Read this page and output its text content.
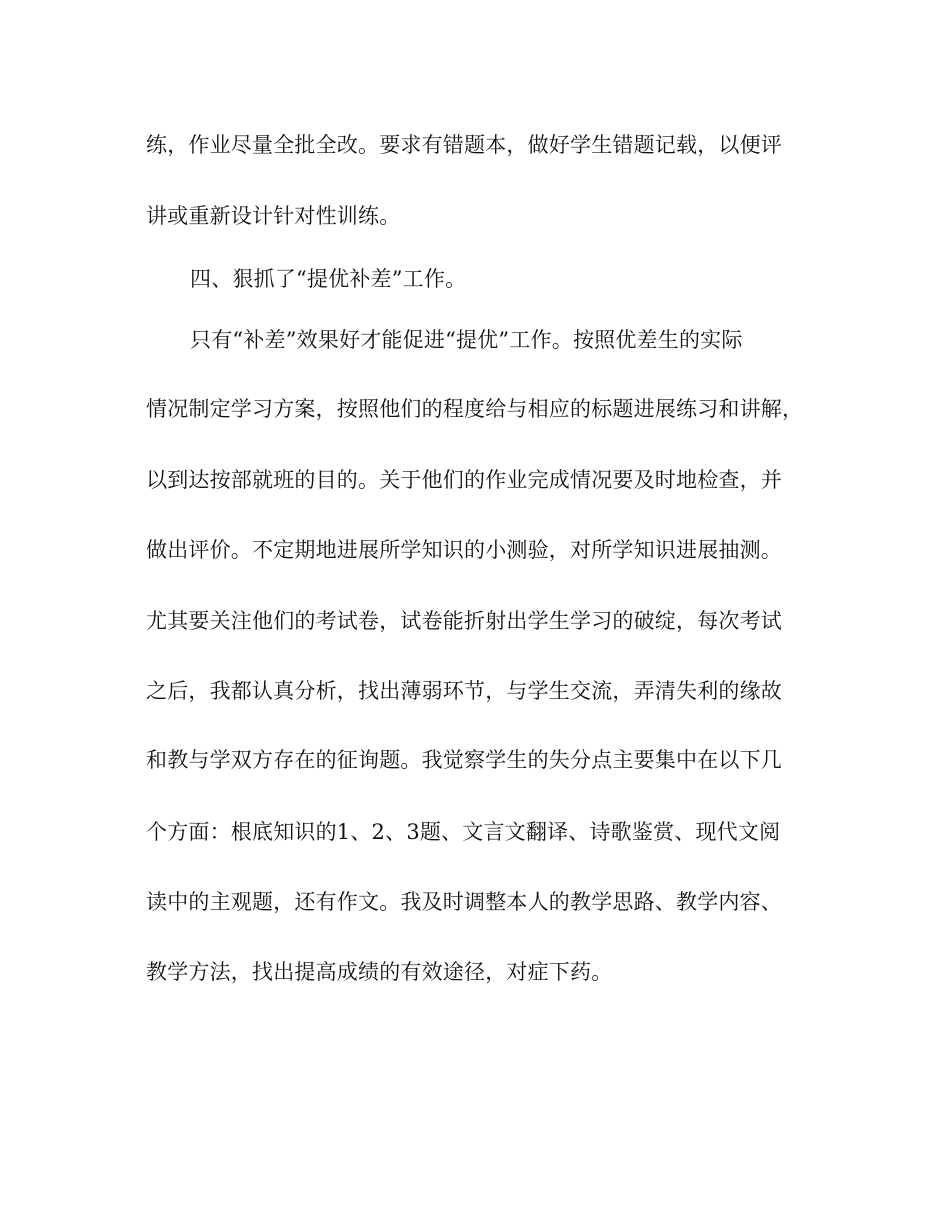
练，作业尽量全批全改。要求有错题本，做好学生错题记载，以便评

讲或重新设计针对性训练。

四、狠抓了“提优补差”工作。

只有“补差”效果好才能促进“提优”工作。按照优差生的实际

情况制定学习方案，按照他们的程度给与相应的标题进展练习和讲解，

以到达按部就班的目的。关于他们的作业完成情况要及时地检查，并

做出评价。不定期地进展所学知识的小测验，对所学知识进展抽测。

尤其要关注他们的考试卷，试卷能折射出学生学习的破绽，每次考试

之后，我都认真分析，找出薄弱环节，与学生交流，弄清失利的缘故

和教与学双方存在的征询题。我觉察学生的失分点主要集中在以下几

个方面：根底知识的1、2、3题、文言文翻译、诗歌鉴赏、现代文阅

读中的主观题，还有作文。我及时调整本人的教学思路、教学内容、

教学方法，找出提高成绩的有效途径，对症下药。
